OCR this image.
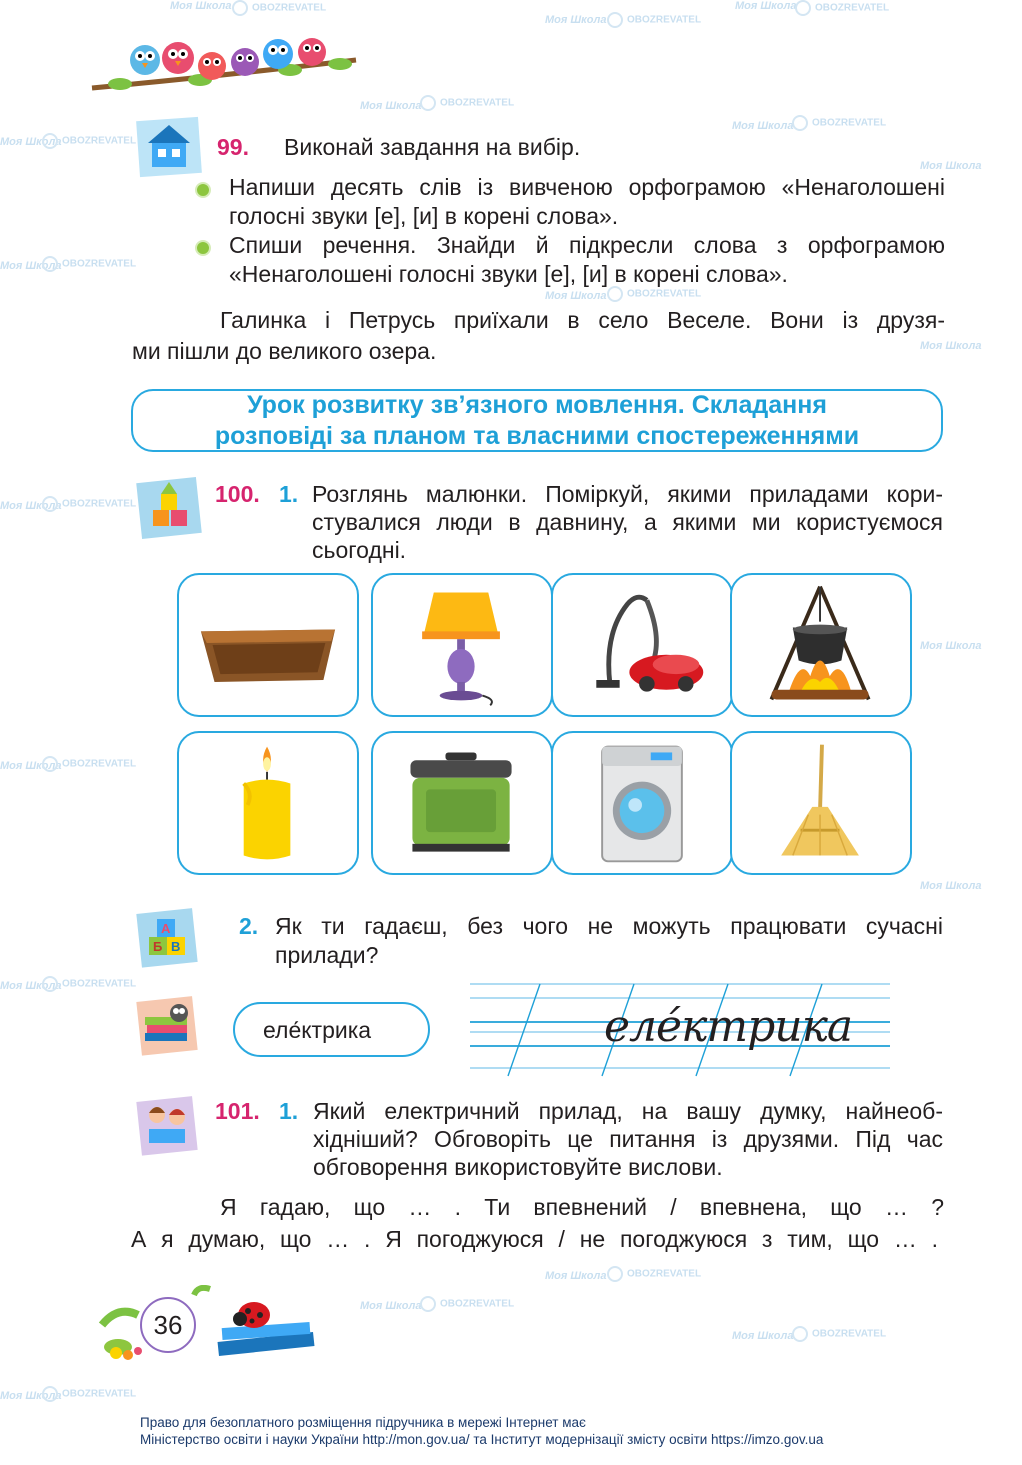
Моя Школа	OBOZREVATEL
Моя Школа	OBOZREVATEL
Моя Школа	OBOZREVATEL
Моя Школа OBOZREVATEL
Моя Школа	OBOZREVATEL
Моя Школа	OBOZREVATEL
Моя Школа
Моя Школа OBOZREVATEL
Моя Школа	OBOZREVATEL
Моя Школа
Моя Школа OBOZREVATEL
Моя Школа
Моя Школа OBOZREVATEL
Моя Школа
Моя Школа OBOZREVATEL
Моя Школа	OBOZREVATEL
Моя Школа	OBOZREVATEL
Моя Школа	OBOZREVATEL
Моя Школа OBOZREVATEL
99. Виконай завдання на вибір.
Напиши десять слів із вивченою орфограмою «Ненаголошені
голосні звуки [е], [и] в корені слова».
Спиши речення. Знайди й підкресли слова з орфограмою
«Ненаголошені голосні звуки [е], [и] в корені слова».
Галинка і Петрусь приїхали в село Веселе. Вони із друзя-
ми пішли до великого озера.
Урок розвитку зв’язного мовлення. Складання
розповіді за планом та власними спостереженнями
100. 1. Розглянь малюнки. Поміркуй, якими приладами кори-
стувалися люди в давнину, а якими ми користуємося
сьогодні.
Б В
А	2. Як ти гадаєш, без чого не можуть працювати сучасні
прилади?
еле́ктрика	еле́ктрика
101. 1. Який електричний прилад, на вашу думку, найнеоб-
хідніший? Обговоріть це питання із друзями. Під час
обговорення використовуйте вислови.
Я гадаю, що … . Ти впевнений / впевнена, що … ?
А я думаю, що … . Я погоджуюся / не погоджуюся з тим, що … .
36
Право для безоплатного розміщення підручника в мережі Інтернет має
Міністерство освіти і науки України http://mon.gov.ua/ та Інститут модернізації змісту освіти https://imzo.gov.ua
